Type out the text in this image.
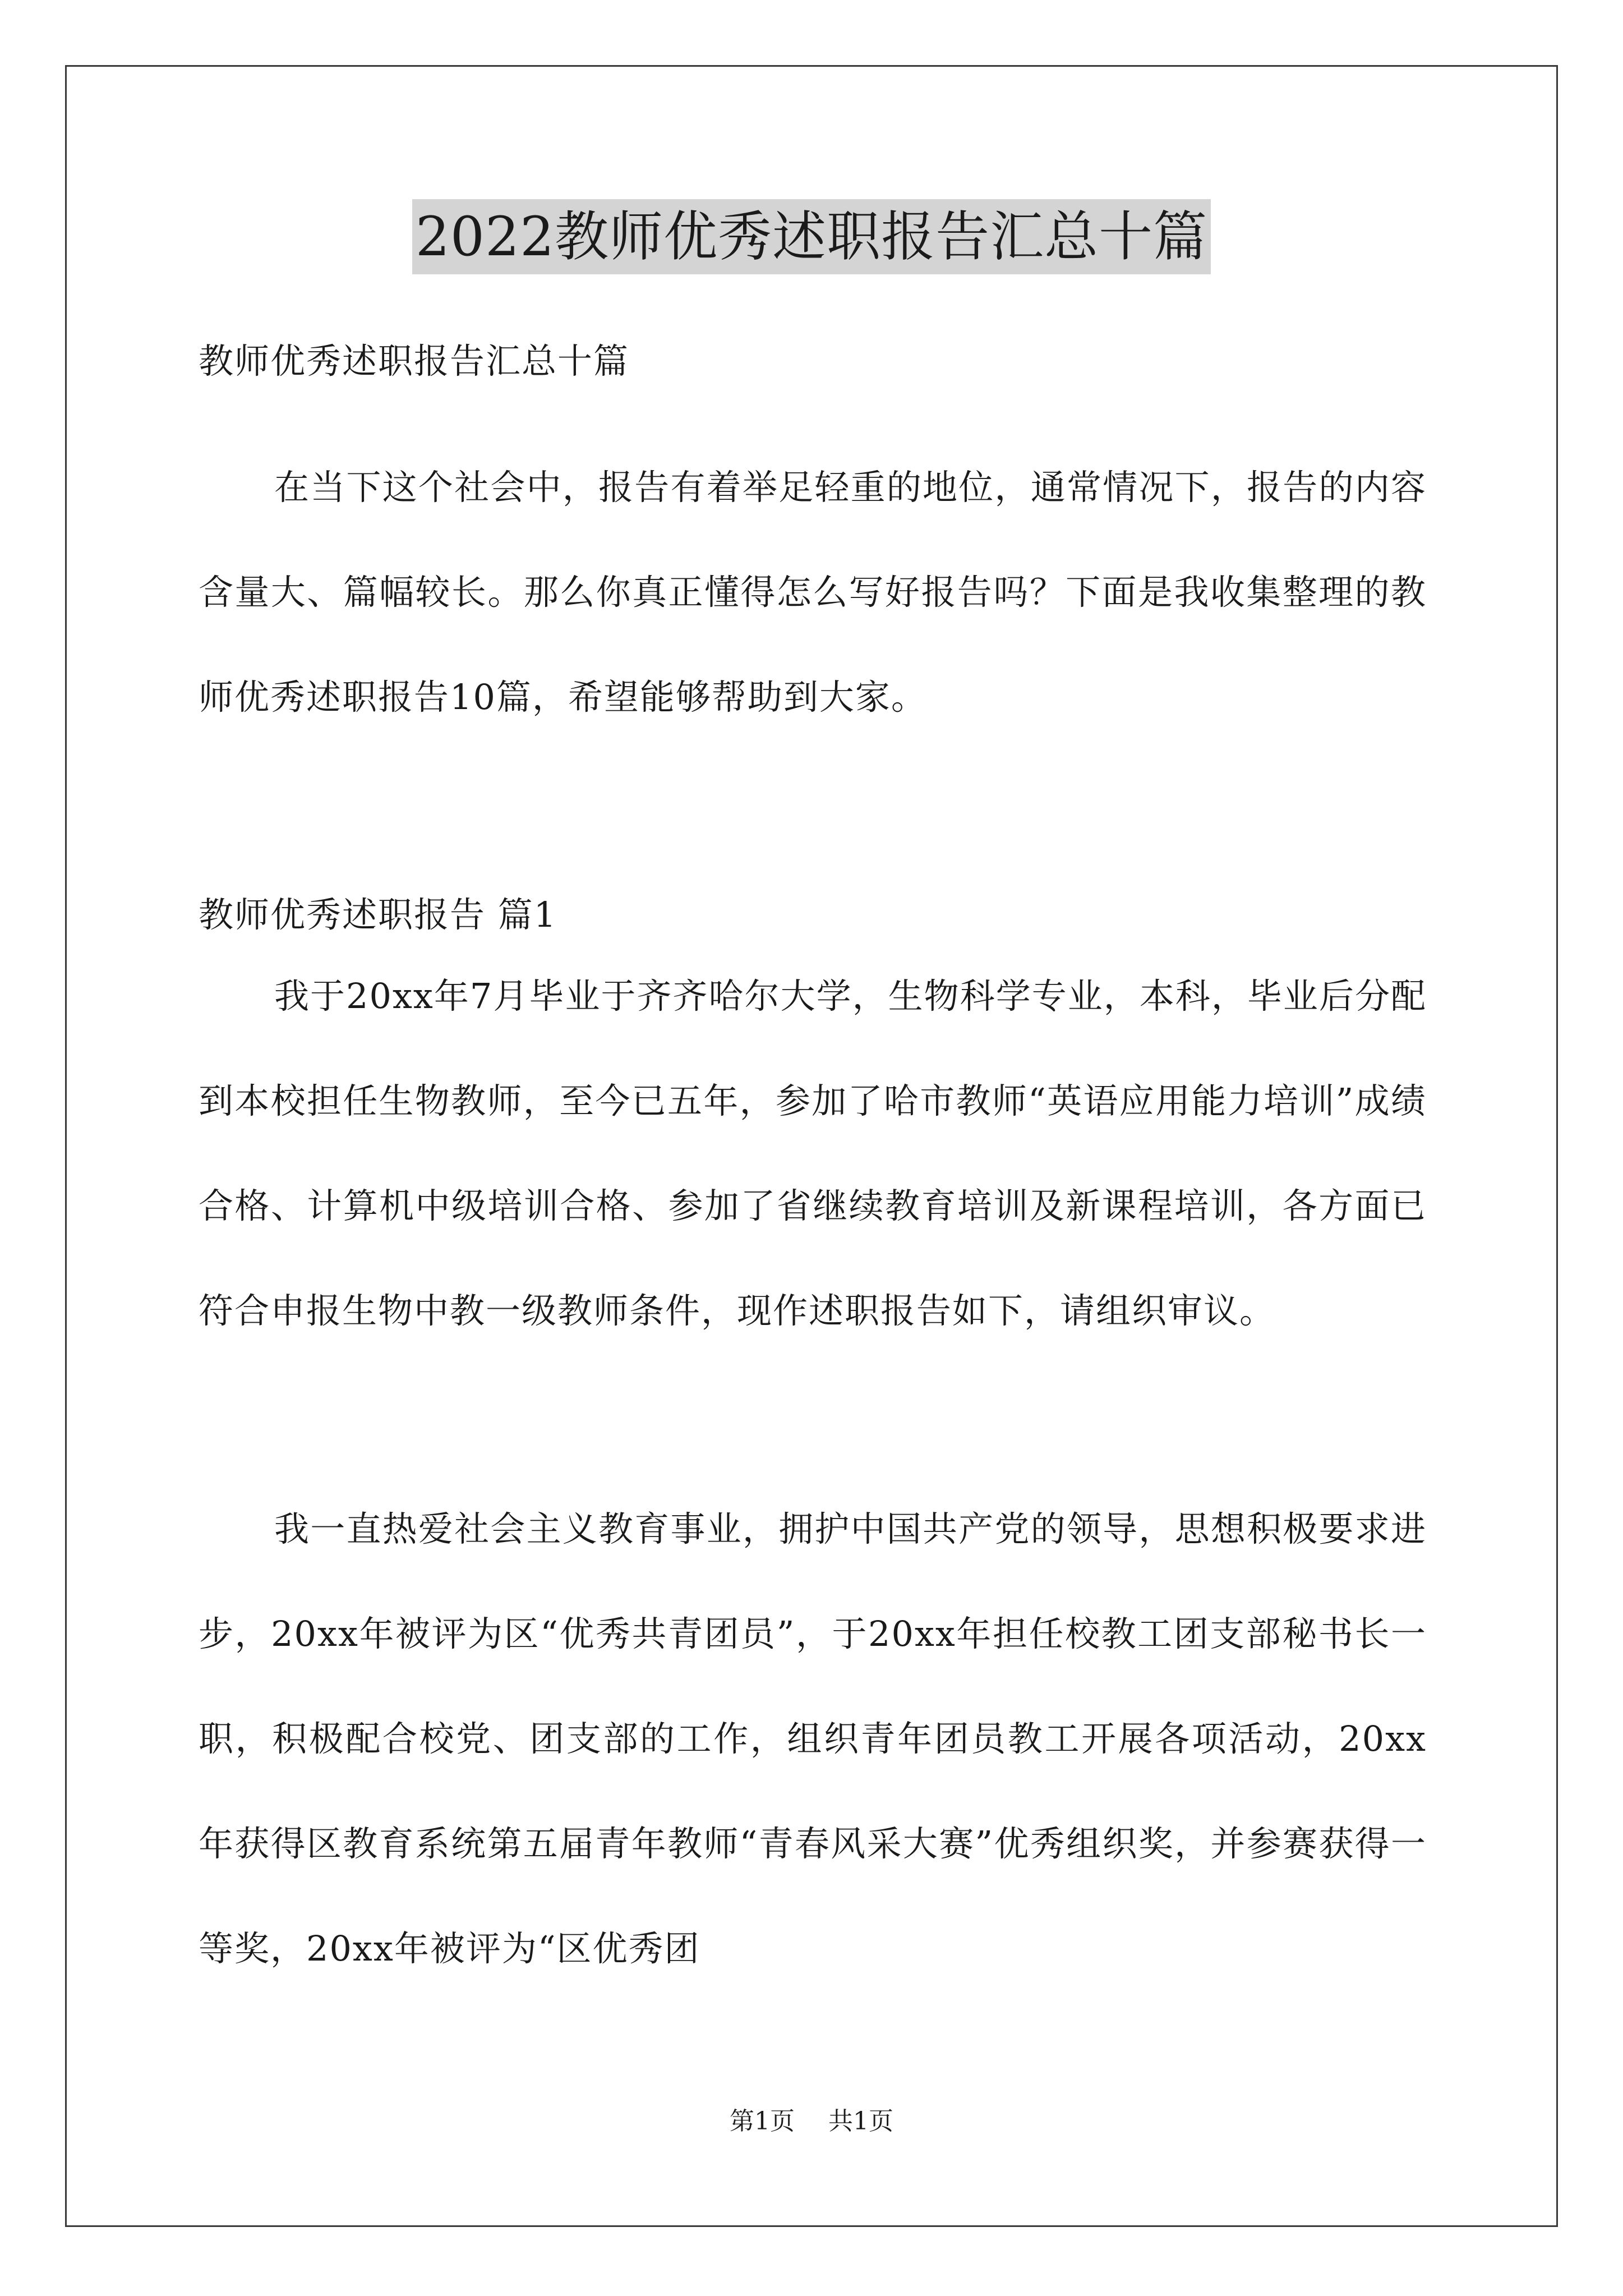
2022教师优秀述职报告汇总十篇
教师优秀述职报告汇总十篇
在当下这个社会中，报告有着举足轻重的地位，通常情况下，报告的内容含量大、篇幅较长。那么你真正懂得怎么写好报告吗？下面是我收集整理的教师优秀述职报告10篇，希望能够帮助到大家。
教师优秀述职报告 篇1
我于20xx年7月毕业于齐齐哈尔大学，生物科学专业，本科，毕业后分配到本校担任生物教师，至今已五年，参加了哈市教师“英语应用能力培训”成绩合格、计算机中级培训合格、参加了省继续教育培训及新课程培训，各方面已符合申报生物中教一级教师条件，现作述职报告如下，请组织审议。
我一直热爱社会主义教育事业，拥护中国共产党的领导，思想积极要求进步，20xx年被评为区“优秀共青团员”，于20xx年担任校教工团支部秘书长一职，积极配合校党、团支部的工作，组织青年团员教工开展各项活动，20xx年获得区教育系统第五届青年教师“青春风采大赛”优秀组织奖，并参赛获得一等奖，20xx年被评为“区优秀团
第1页 共1页
